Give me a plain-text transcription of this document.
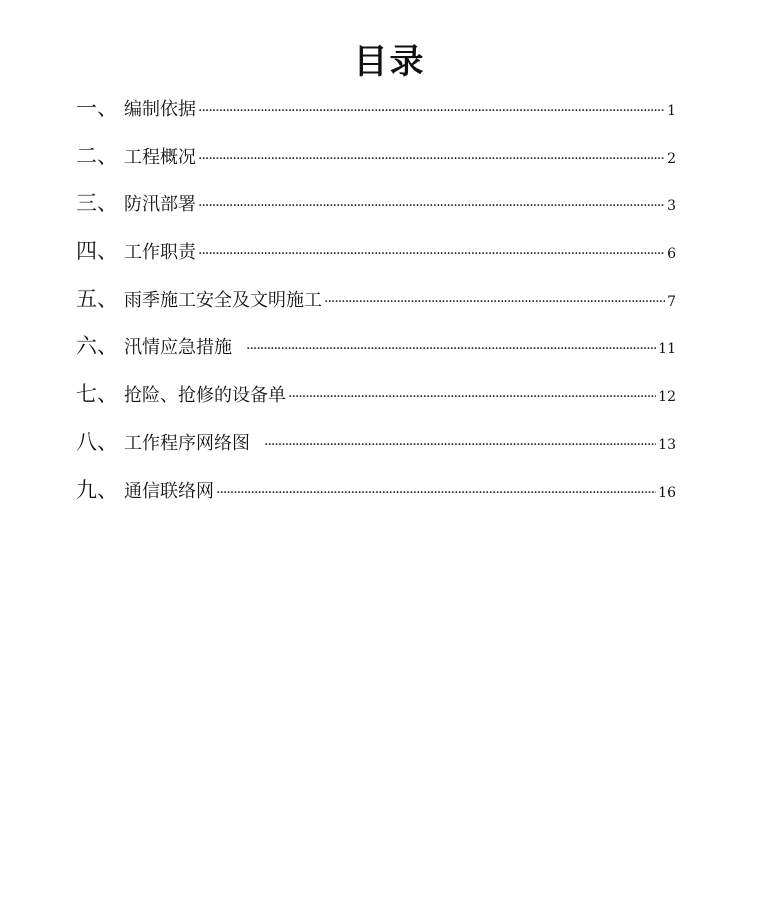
目录
一、 编制依据 ·····	1
二、 工程概况 ·····	2
三、 防汛部署 ·····	3
四、 工作职责 ·····	6
五、 雨季施工安全及文明施工 ·····	7
六、 汛情应急措施 ·····	11
七、 抢险、抢修的设备单 ·····	12
八、 工作程序网络图 ·····	13
九、 通信联络网 ·····	16
